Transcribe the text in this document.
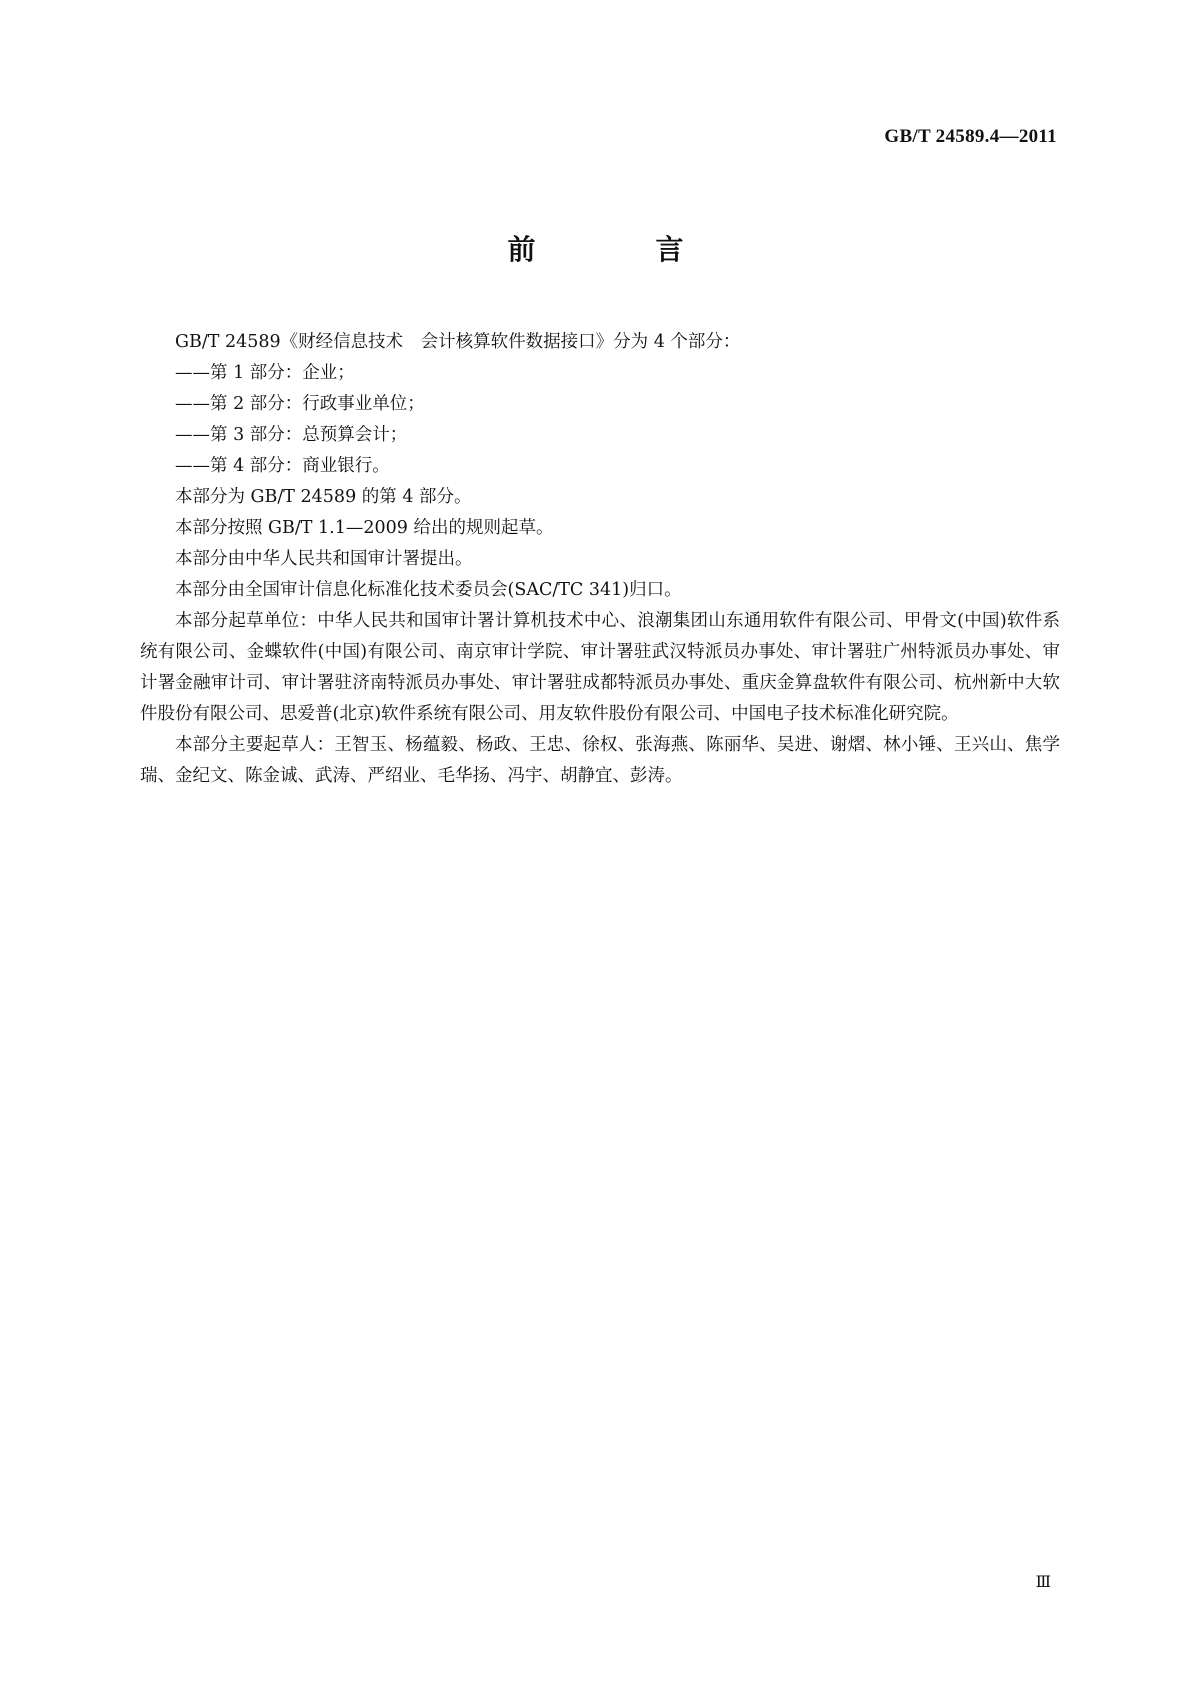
GB/T 24589.4—2011
前　言

GB/T 24589《财经信息技术　会计核算软件数据接口》分为 4 个部分：

——第 1 部分：企业；

——第 2 部分：行政事业单位；

——第 3 部分：总预算会计；

——第 4 部分：商业银行。

本部分为 GB/T 24589 的第 4 部分。

本部分按照 GB/T 1.1—2009 给出的规则起草。

本部分由中华人民共和国审计署提出。

本部分由全国审计信息化标准化技术委员会(SAC/TC 341)归口。

本部分起草单位：中华人民共和国审计署计算机技术中心、浪潮集团山东通用软件有限公司、甲骨文(中国)软件系统有限公司、金蝶软件(中国)有限公司、南京审计学院、审计署驻武汉特派员办事处、审计署驻广州特派员办事处、审计署金融审计司、审计署驻济南特派员办事处、审计署驻成都特派员办事处、重庆金算盘软件有限公司、杭州新中大软件股份有限公司、思爱普(北京)软件系统有限公司、用友软件股份有限公司、中国电子技术标准化研究院。

本部分主要起草人：王智玉、杨蕴毅、杨政、王忠、徐权、张海燕、陈丽华、吴进、谢熠、林小锤、王兴山、焦学瑞、金纪文、陈金诚、武涛、严绍业、毛华扬、冯宇、胡静宜、彭涛。

Ⅲ
